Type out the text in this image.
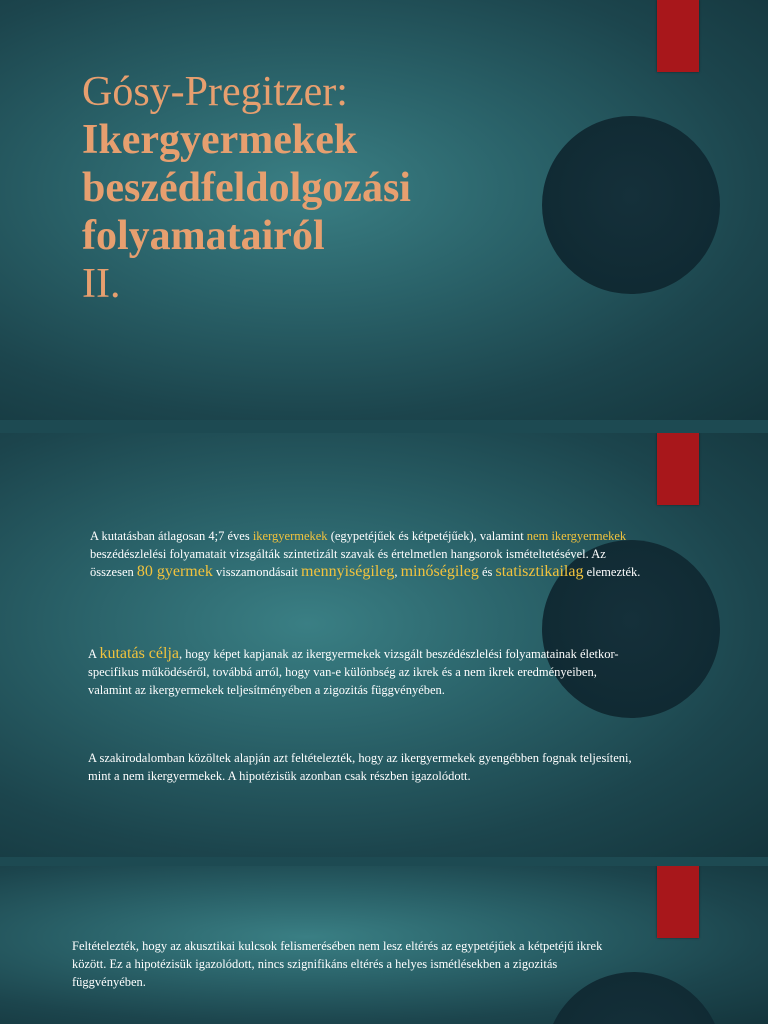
Gósy-Pregitzer:
Ikergyermekek
beszédfeldolgozási
folyamatairól
II.
A kutatásban átlagosan 4;7 éves ikergyermekek (egypetéjűek és kétpetéjűek), valamint nem ikergyermekek beszédészlelési folyamatait vizsgálták szintetizált szavak és értelmetlen hangsorok ismételtetésével. Az összesen 80 gyermek visszamondásait mennyiségileg, minőségileg és statisztikailag elemezték.
A kutatás célja, hogy képet kapjanak az ikergyermekek vizsgált beszédészlelési folyamatainak életkor-specifikus működéséről, továbbá arról, hogy van-e különbség az ikrek és a nem ikrek eredményeiben, valamint az ikergyermekek teljesítményében a zigozitás függvényében.
A szakirodalomban közöltek alapján azt feltételezték, hogy az ikergyermekek gyengébben fognak teljesíteni, mint a nem ikergyermekek. A hipotézisük azonban csak részben igazolódott.
Feltételezték, hogy az akusztikai kulcsok felismerésében nem lesz eltérés az egypetéjűek a kétpetéjű ikrek között. Ez a hipotézisük igazolódott, nincs szignifikáns eltérés a helyes ismétlésekben a zigozitás függvényében.
